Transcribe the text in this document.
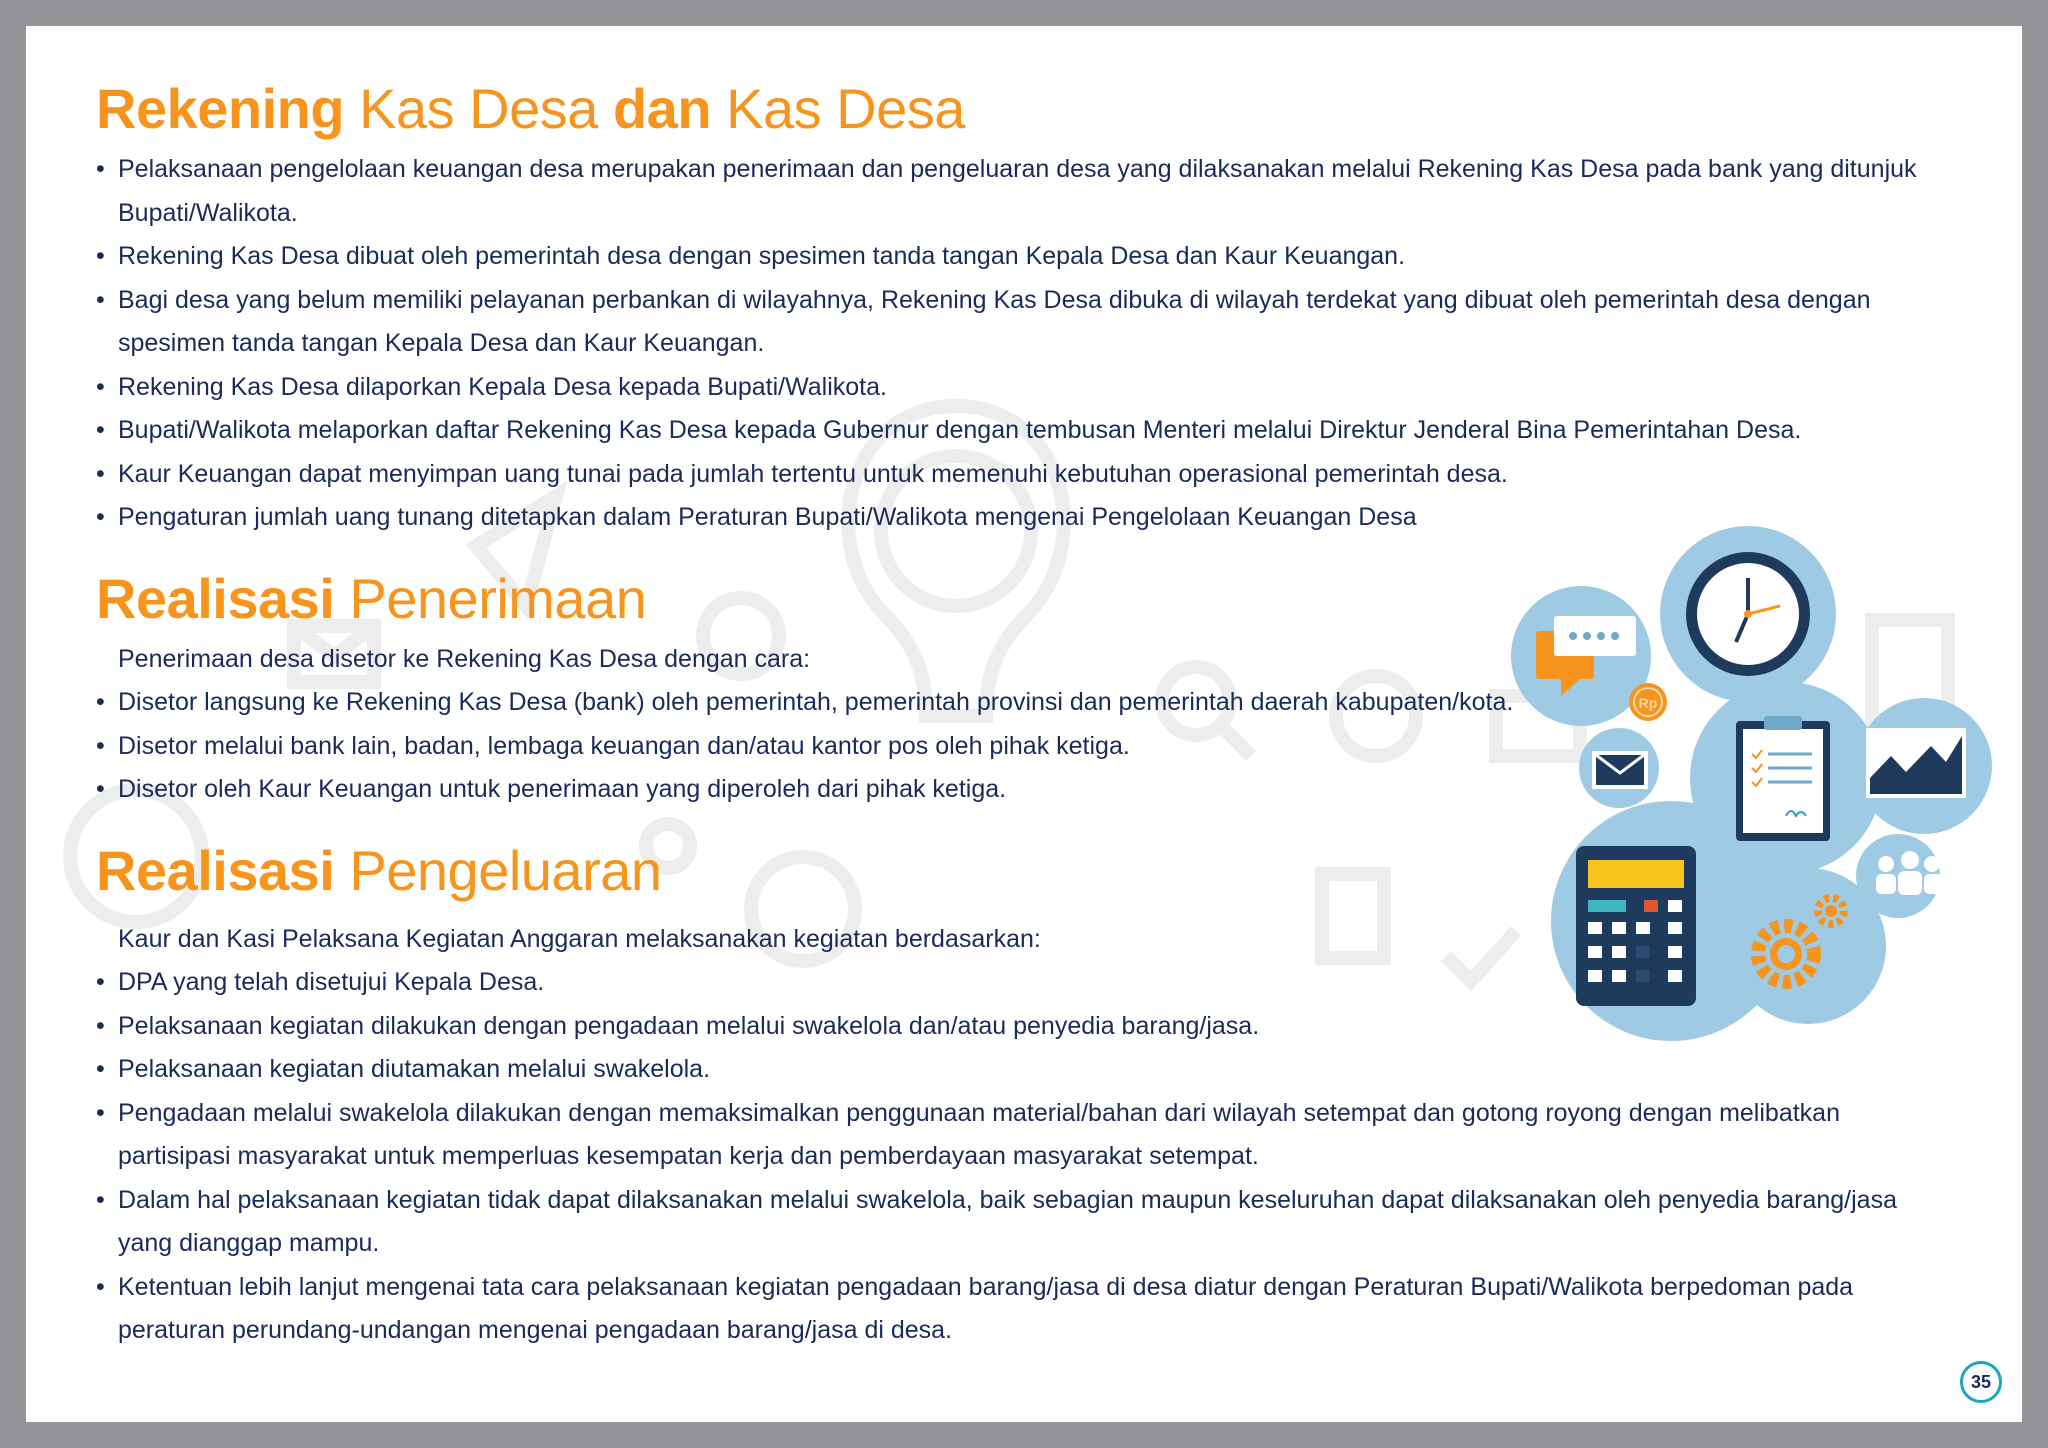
Rekening Kas Desa dan Kas Desa
• Pelaksanaan pengelolaan keuangan desa merupakan penerimaan dan pengeluaran desa yang dilaksanakan melalui Rekening Kas Desa pada bank yang ditunjuk Bupati/Walikota.
• Rekening Kas Desa dibuat oleh pemerintah desa dengan spesimen tanda tangan Kepala Desa dan Kaur Keuangan.
• Bagi desa yang belum memiliki pelayanan perbankan di wilayahnya, Rekening Kas Desa dibuka di wilayah terdekat yang dibuat oleh pemerintah desa dengan spesimen tanda tangan Kepala Desa dan Kaur Keuangan.
• Rekening Kas Desa dilaporkan Kepala Desa kepada Bupati/Walikota.
• Bupati/Walikota melaporkan daftar Rekening Kas Desa kepada Gubernur dengan tembusan Menteri melalui Direktur Jenderal Bina Pemerintahan Desa.
• Kaur Keuangan dapat menyimpan uang tunai pada jumlah tertentu untuk memenuhi kebutuhan operasional pemerintah desa.
• Pengaturan jumlah uang tunang ditetapkan dalam Peraturan Bupati/Walikota mengenai Pengelolaan Keuangan Desa
Realisasi Penerimaan

Penerimaan desa disetor ke Rekening Kas Desa dengan cara:

• Disetor langsung ke Rekening Kas Desa (bank) oleh pemerintah, pemerintah provinsi dan pemerintah daerah kabupaten/kota.
• Disetor melalui bank lain, badan, lembaga keuangan dan/atau kantor pos oleh pihak ketiga.
• Disetor oleh Kaur Keuangan untuk penerimaan yang diperoleh dari pihak ketiga.
Realisasi Pengeluaran

Kaur dan Kasi Pelaksana Kegiatan Anggaran melaksanakan kegiatan berdasarkan:

• DPA yang telah disetujui Kepala Desa.
• Pelaksanaan kegiatan dilakukan dengan pengadaan melalui swakelola dan/atau penyedia barang/jasa.
• Pelaksanaan kegiatan diutamakan melalui swakelola.
• Pengadaan melalui swakelola dilakukan dengan memaksimalkan penggunaan material/bahan dari wilayah setempat dan gotong royong dengan melibatkan partisipasi masyarakat untuk memperluas kesempatan kerja dan pemberdayaan masyarakat setempat.
• Dalam hal pelaksanaan kegiatan tidak dapat dilaksanakan melalui swakelola, baik sebagian maupun keseluruhan dapat dilaksanakan oleh penyedia barang/jasa yang dianggap mampu.
• Ketentuan lebih lanjut mengenai tata cara pelaksanaan kegiatan pengadaan barang/jasa di desa diatur dengan Peraturan Bupati/Walikota berpedoman pada peraturan perundang-undangan mengenai pengadaan barang/jasa di desa.
Rp
35
